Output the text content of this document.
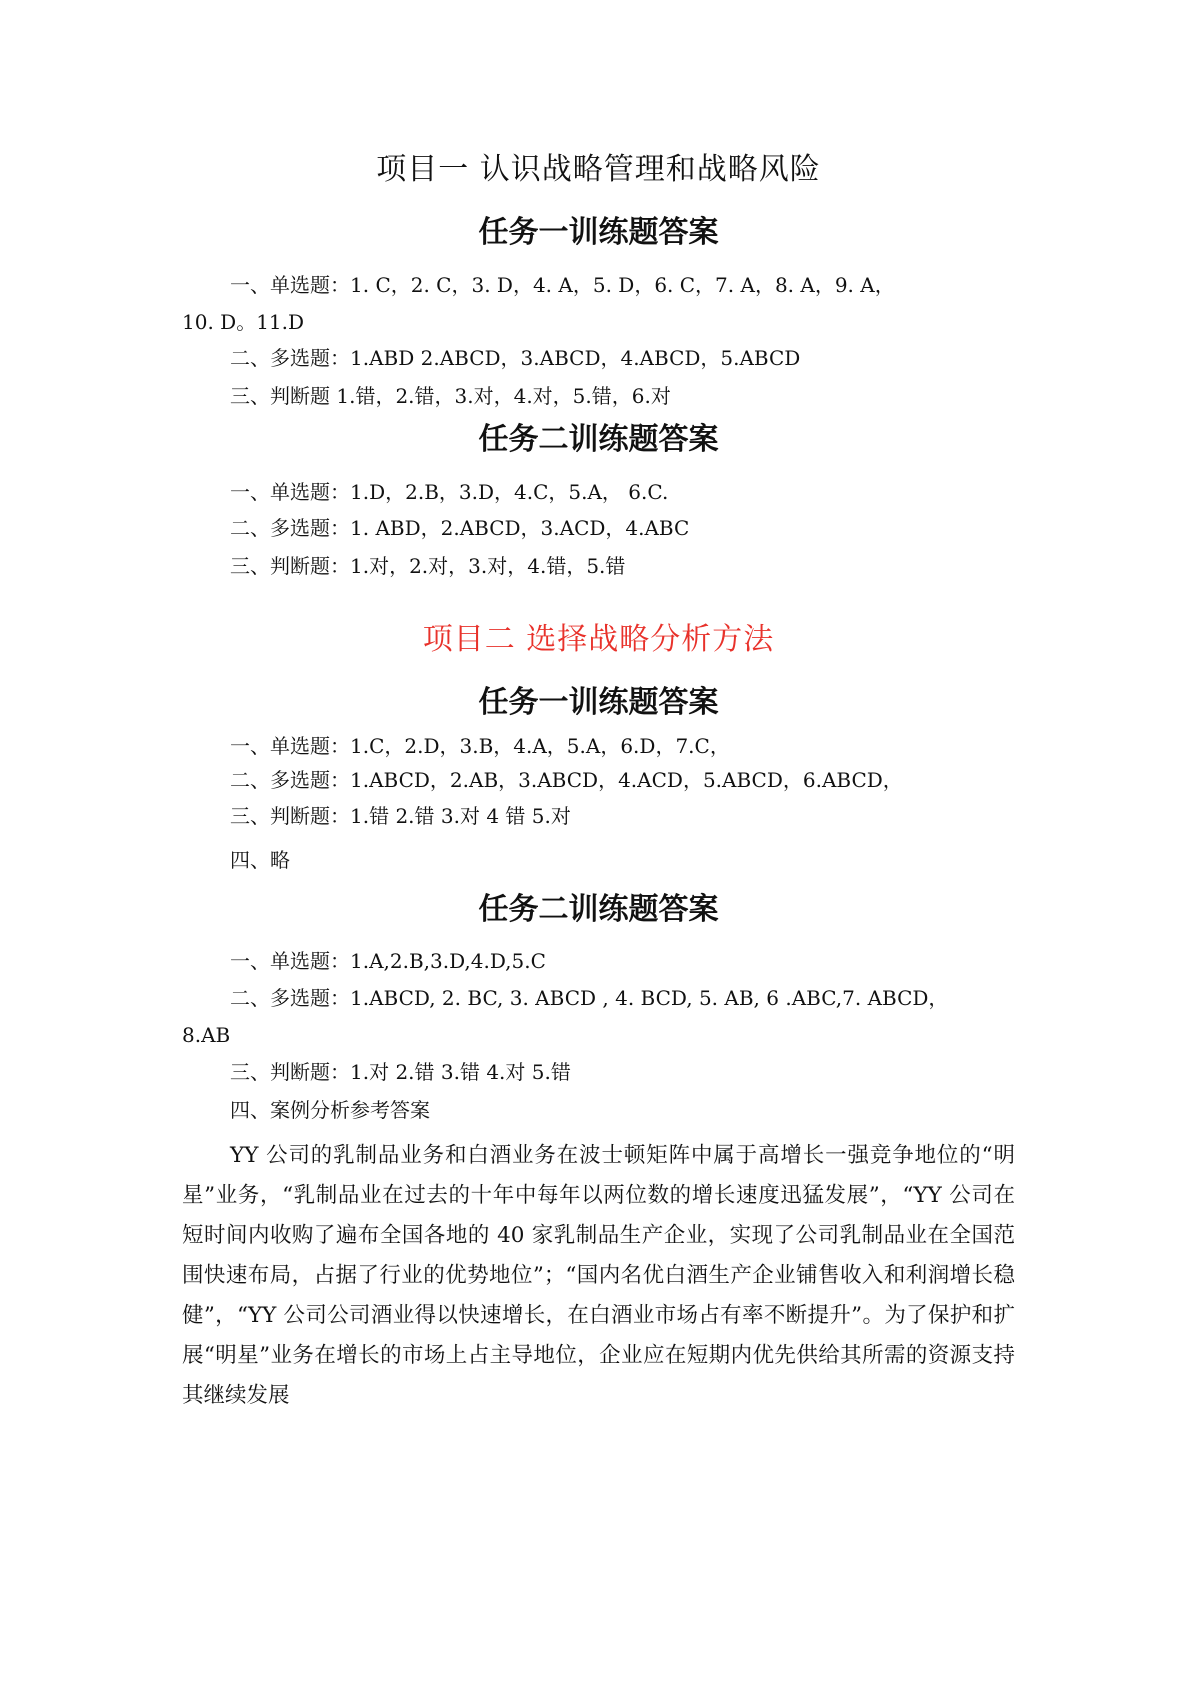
项目一 认识战略管理和战略风险
任务一训练题答案

一、单选题：1. C，2. C，3. D，4. A，5. D，6. C，7. A，8. A，9. A，

10. D。11.D

二、多选题：1.ABD 2.ABCD，3.ABCD，4.ABCD，5.ABCD

三、判断题 1.错，2.错，3.对，4.对，5.错，6.对

任务二训练题答案

一、单选题：1.D，2.B，3.D，4.C，5.A， 6.C.

二、多选题：1. ABD，2.ABCD，3.ACD，4.ABC

三、判断题：1.对，2.对，3.对，4.错，5.错

项目二 选择战略分析方法
任务一训练题答案

一、单选题：1.C，2.D，3.B，4.A，5.A，6.D，7.C，

二、多选题：1.ABCD，2.AB，3.ABCD，4.ACD，5.ABCD，6.ABCD，

三、判断题：1.错 2.错 3.对 4 错 5.对

四、略

任务二训练题答案

一、单选题：1.A,2.B,3.D,4.D,5.C

二、多选题：1.ABCD, 2. BC, 3. ABCD , 4. BCD, 5. AB, 6 .ABC,7. ABCD，

8.AB

三、判断题：1.对 2.错 3.错 4.对 5.错

四、案例分析参考答案

YY 公司的乳制品业务和白酒业务在波士顿矩阵中属于高增长一强竞争地位的“明 星”业务，“乳制品业在过去的十年中每年以两位数的增长速度迅猛发展”，“YY 公司在 短时间内收购了遍布全国各地的 40 家乳制品生产企业，实现了公司乳制品业在全国范围快速布局，占据了行业的优势地位”；“国内名优白酒生产企业铺售收入和利润增长稳健”，“YY 公司公司酒业得以快速增长，在白酒业市场占有率不断提升”。为了保护和扩展“明星”业务在增长的市场上占主导地位，企业应在短期内优先供给其所需的资源支持其继续发展
